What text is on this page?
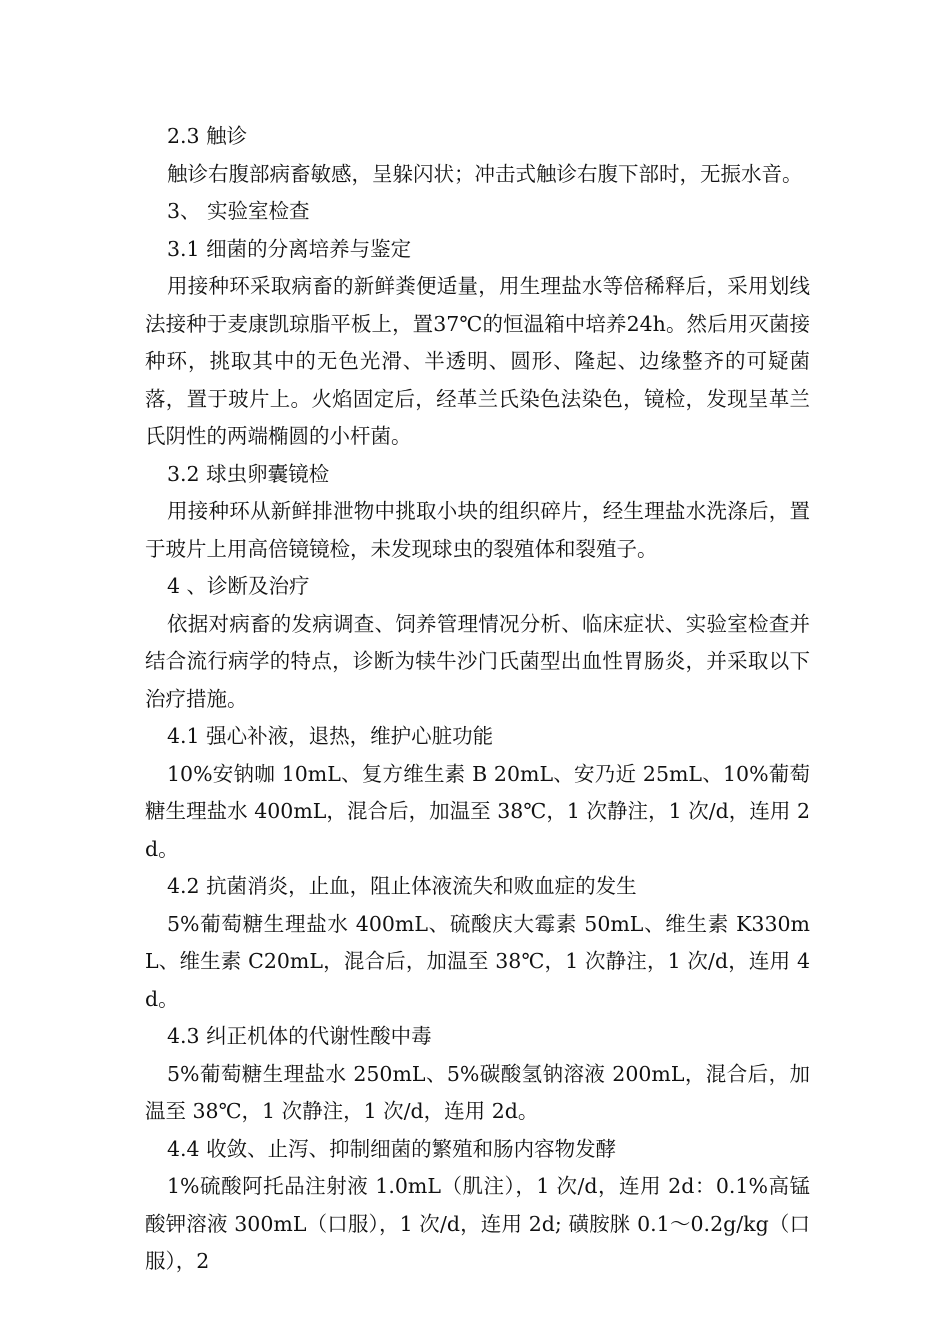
2.3 触诊

触诊右腹部病畜敏感，呈躲闪状；冲击式触诊右腹下部时，无振水音。

3、 实验室检查

3.1 细菌的分离培养与鉴定

用接种环采取病畜的新鲜粪便适量，用生理盐水等倍稀释后，采用划线法接种于麦康凯琼脂平板上，置37℃的恒温箱中培养24h。然后用灭菌接种环，挑取其中的无色光滑、半透明、圆形、隆起、边缘整齐的可疑菌落，置于玻片上。火焰固定后，经革兰氏染色法染色，镜检，发现呈革兰氏阴性的两端椭圆的小杆菌。

3.2 球虫卵囊镜检

用接种环从新鲜排泄物中挑取小块的组织碎片，经生理盐水洗涤后，置于玻片上用高倍镜镜检，未发现球虫的裂殖体和裂殖子。

4 、诊断及治疗

依据对病畜的发病调查、饲养管理情况分析、临床症状、实验室检查并结合流行病学的特点，诊断为犊牛沙门氏菌型出血性胃肠炎，并采取以下治疗措施。

4.1 强心补液，退热，维护心脏功能

10%安钠咖 10mL、复方维生素 B 20mL、安乃近 25mL、10%葡萄糖生理盐水 400mL，混合后，加温至 38℃，1 次静注，1 次/d，连用 2d。

4.2 抗菌消炎，止血，阻止体液流失和败血症的发生

5%葡萄糖生理盐水 400mL、硫酸庆大霉素 50mL、维生素 K330mL、维生素 C20mL，混合后，加温至 38℃，1 次静注，1 次/d，连用 4d。

4.3 纠正机体的代谢性酸中毒

5%葡萄糖生理盐水 250mL、5%碳酸氢钠溶液 200mL，混合后，加温至 38℃，1 次静注，1 次/d，连用 2d。

4.4 收敛、止泻、抑制细菌的繁殖和肠内容物发酵

1%硫酸阿托品注射液 1.0mL（肌注），1 次/d，连用 2d：0.1%高锰酸钾溶液 300mL（口服），1 次/d，连用 2d; 磺胺脒 0.1～0.2g/kg（口服），2
